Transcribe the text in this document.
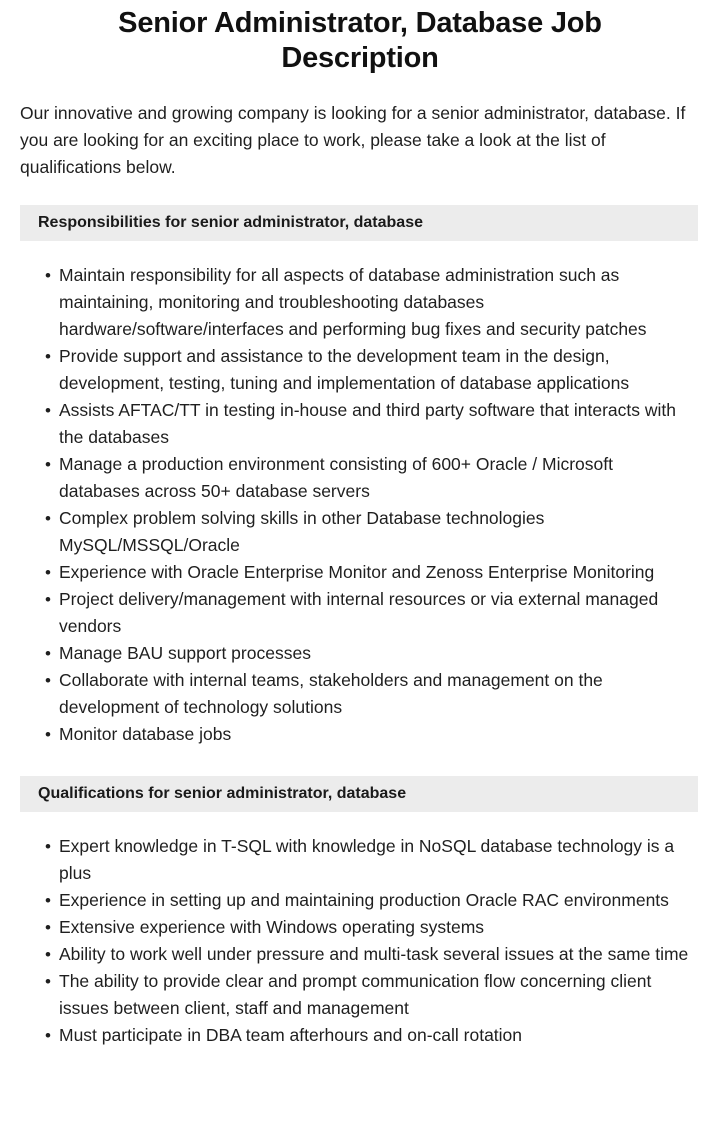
Senior Administrator, Database Job Description

Our innovative and growing company is looking for a senior administrator, database. If you are looking for an exciting place to work, please take a look at the list of qualifications below.

Responsibilities for senior administrator, database
• Maintain responsibility for all aspects of database administration such as maintaining, monitoring and troubleshooting databases hardware/software/interfaces and performing bug fixes and security patches
• Provide support and assistance to the development team in the design, development, testing, tuning and implementation of database applications
• Assists AFTAC/TT in testing in-house and third party software that interacts with the databases
• Manage a production environment consisting of 600+ Oracle / Microsoft databases across 50+ database servers
• Complex problem solving skills in other Database technologies MySQL/MSSQL/Oracle
• Experience with Oracle Enterprise Monitor and Zenoss Enterprise Monitoring
• Project delivery/management with internal resources or via external managed vendors
• Manage BAU support processes
• Collaborate with internal teams, stakeholders and management on the development of technology solutions
• Monitor database jobs
Qualifications for senior administrator, database
• Expert knowledge in T-SQL with knowledge in NoSQL database technology is a plus
• Experience in setting up and maintaining production Oracle RAC environments
• Extensive experience with Windows operating systems
• Ability to work well under pressure and multi-task several issues at the same time
• The ability to provide clear and prompt communication flow concerning client issues between client, staff and management
• Must participate in DBA team afterhours and on-call rotation
